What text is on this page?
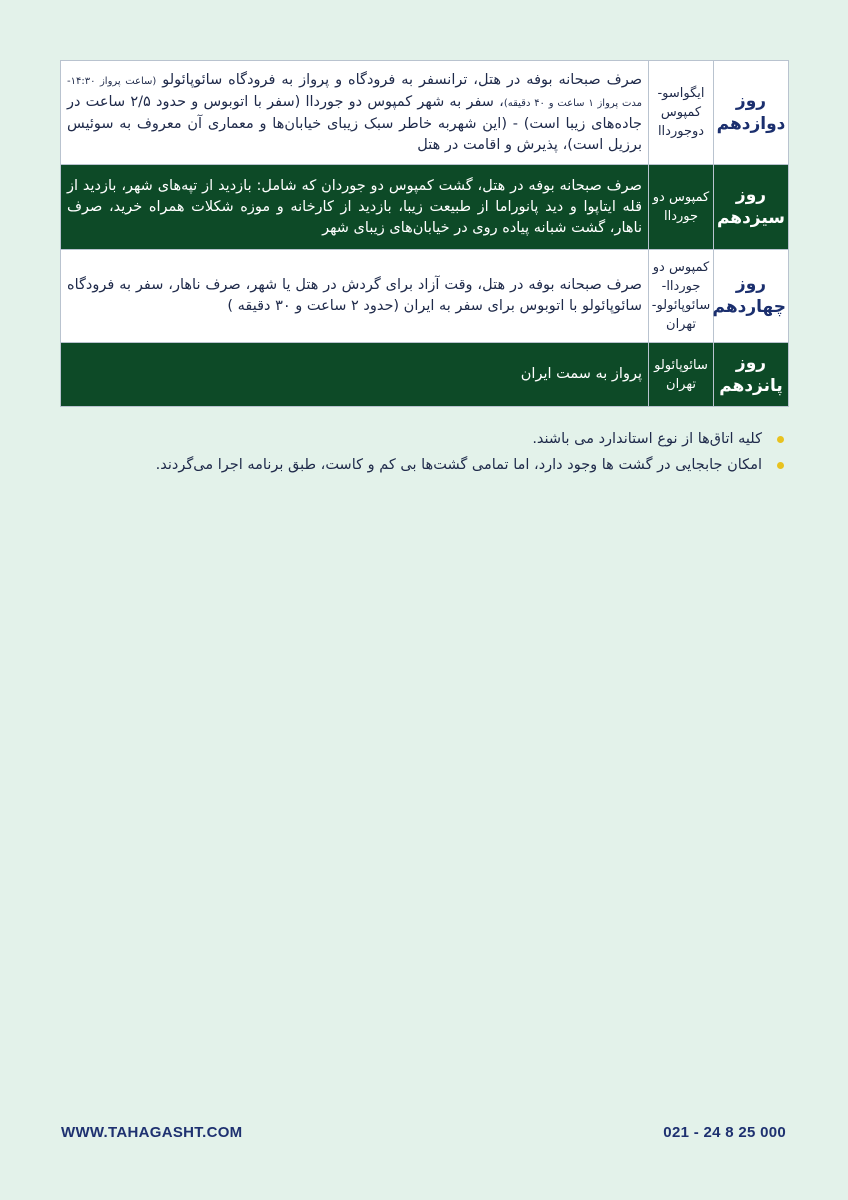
روز دوازدهم	ایگواسو- کمپوس دوجورداا	صرف صبحانه بوفه در هتل، ترانسفر به فرودگاه و پرواز به فرودگاه سائوپائولو (ساعت پرواز ۱۴:۳۰- مدت پرواز ۱ ساعت و ۴۰ دقیقه)، سفر به شهر کمپوس دو جورداا (سفر با اتوبوس و حدود ۲/۵ ساعت در جاده‌های زیبا است) - (این شهربه خاطر سبک زیبای خیابان‌ها و معماری آن معروف به سوئیس برزیل است)، پذیرش و اقامت در هتل
روز سیزدهم	کمپوس دو جورداا	صرف صبحانه بوفه در هتل، گشت کمپوس دو جوردان که شامل: بازدید از تپه‌های شهر، بازدید از قله ایتاپوا و دید پانوراما از طبیعت زیبا، بازدید از کارخانه و موزه شکلات همراه خرید، صرف ناهار، گشت شبانه پیاده روی در خیابان‌های زیبای شهر
روز چهاردهم	کمپوس دو جورداا- سائوپائولو- تهران	صرف صبحانه بوفه در هتل، وقت آزاد برای گردش در هتل یا شهر، صرف ناهار، سفر به فرودگاه سائوپائولو با اتوبوس برای سفر به ایران (حدود ۲ ساعت و ۳۰ دقیقه )
روز پانزدهم	سائوپائولو تهران	پرواز به سمت ایران
کلیه اتاق‌ها از نوع استاندارد می باشند.
امکان جابجایی در گشت ها وجود دارد، اما تمامی گشت‌ها بی کم و کاست، طبق برنامه اجرا می‌گردند.
WWW.TAHAGASHT.COM	021 - 24 8 25 000
